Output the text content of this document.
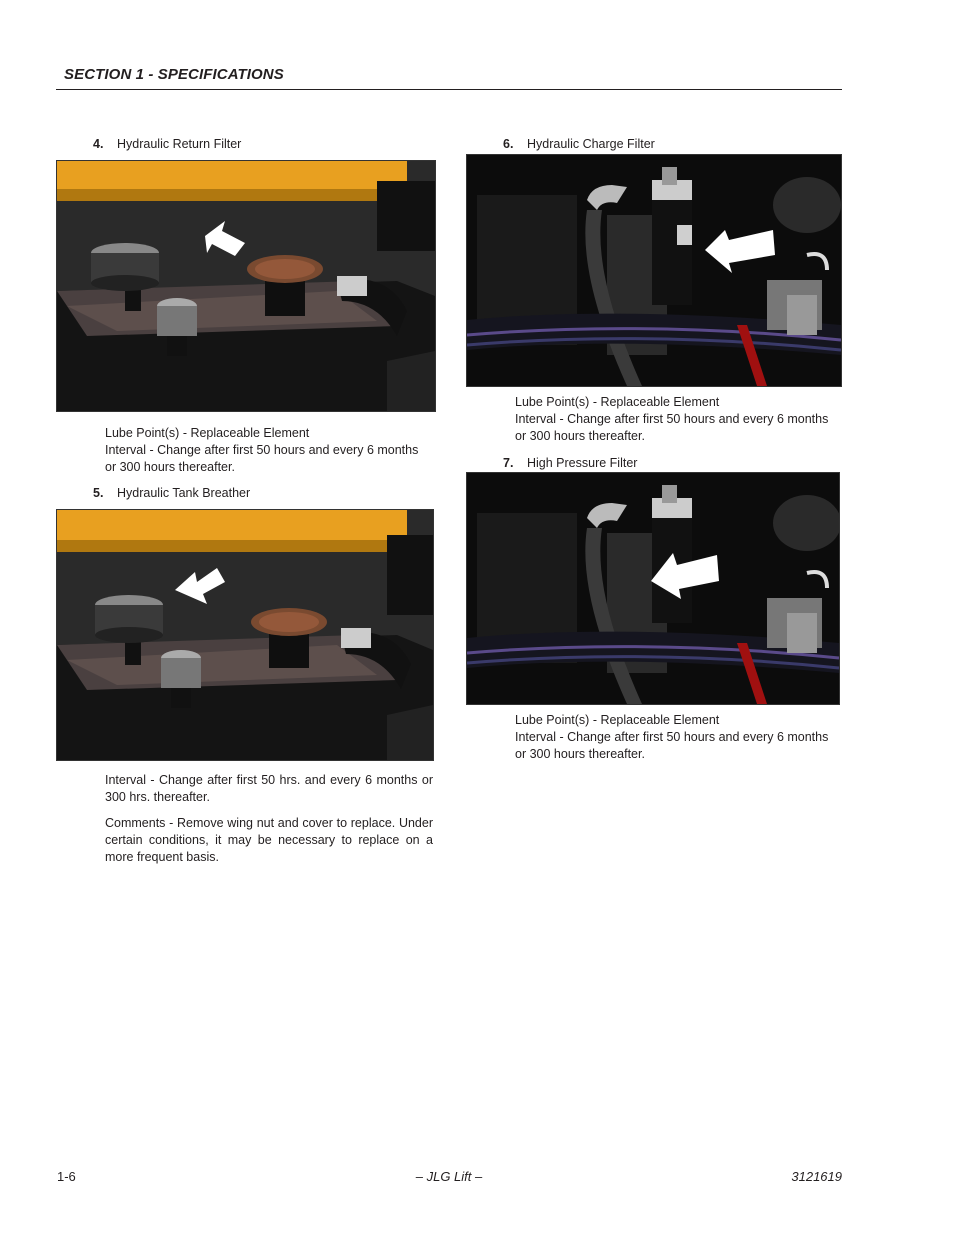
SECTION 1 - SPECIFICATIONS
4. Hydraulic Return Filter

Lube Point(s) - Replaceable Element

Interval - Change after first 50 hours and every 6 months

or 300 hours thereafter.

5. Hydraulic Tank Breather

Interval - Change after first 50 hrs. and every 6 months or 300 hrs. thereafter.

Comments - Remove wing nut and cover to replace. Under certain conditions, it may be necessary to replace on a more frequent basis.

6. Hydraulic Charge Filter

Lube Point(s) - Replaceable Element

Interval - Change after first 50 hours and every 6 months

or 300 hours thereafter.

7. High Pressure Filter

Lube Point(s) - Replaceable Element

Interval - Change after first 50 hours and every 6 months

or 300 hours thereafter.

1-6	– JLG Lift –	3121619
